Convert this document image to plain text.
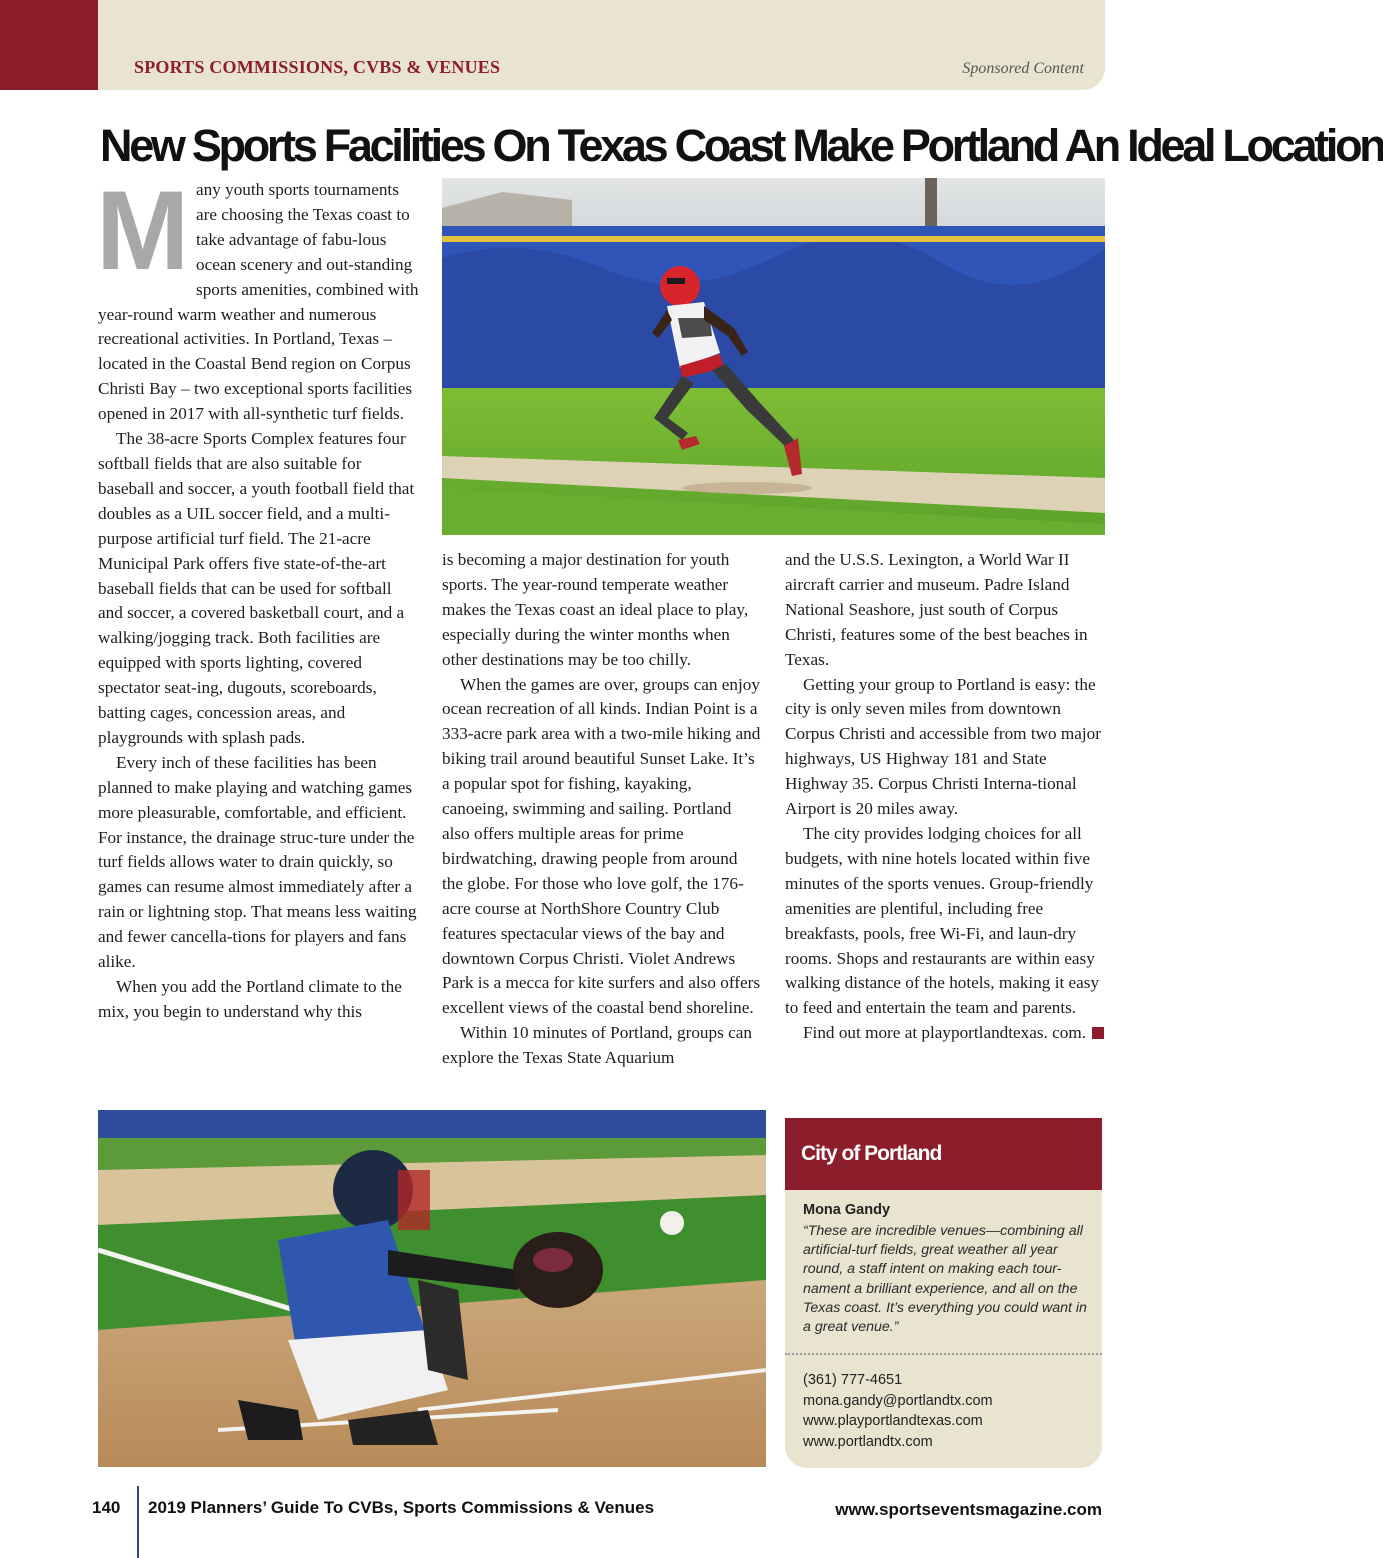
SPORTS COMMISSIONS, CVBS & VENUES	Sponsored Content
New Sports Facilities On Texas Coast Make Portland An Ideal Location

Many youth sports tournaments are choosing the Texas coast to take advantage of fabu-lous ocean scenery and out-standing sports amenities, combined with year-round warm weather and numerous recreational activities. In Portland, Texas – located in the Coastal Bend region on Corpus Christi Bay – two exceptional sports facilities opened in 2017 with all-synthetic turf fields.

The 38-acre Sports Complex features four softball fields that are also suitable for baseball and soccer, a youth football field that doubles as a UIL soccer field, and a multi-purpose artificial turf field. The 21-acre Municipal Park offers five state-of-the-art baseball fields that can be used for softball and soccer, a covered basketball court, and a walking/jogging track. Both facilities are equipped with sports lighting, covered spectator seat-ing, dugouts, scoreboards, batting cages, concession areas, and playgrounds with splash pads.

Every inch of these facilities has been planned to make playing and watching games more pleasurable, comfortable, and efficient. For instance, the drainage struc-ture under the turf fields allows water to drain quickly, so games can resume almost immediately after a rain or lightning stop. That means less waiting and fewer cancella-tions for players and fans alike.

When you add the Portland climate to the mix, you begin to understand why this

is becoming a major destination for youth sports. The year-round temperate weather makes the Texas coast an ideal place to play, especially during the winter months when other destinations may be too chilly.

When the games are over, groups can enjoy ocean recreation of all kinds. Indian Point is a 333-acre park area with a two-mile hiking and biking trail around beautiful Sunset Lake. It’s a popular spot for fishing, kayaking, canoeing, swimming and sailing. Portland also offers multiple areas for prime birdwatching, drawing people from around the globe. For those who love golf, the 176-acre course at NorthShore Country Club features spectacular views of the bay and downtown Corpus Christi. Violet Andrews Park is a mecca for kite surfers and also offers excellent views of the coastal bend shoreline.

Within 10 minutes of Portland, groups can explore the Texas State Aquarium

and the U.S.S. Lexington, a World War II aircraft carrier and museum. Padre Island National Seashore, just south of Corpus Christi, features some of the best beaches in Texas.

Getting your group to Portland is easy: the city is only seven miles from downtown Corpus Christi and accessible from two major highways, US Highway 181 and State Highway 35. Corpus Christi Interna-tional Airport is 20 miles away.

The city provides lodging choices for all budgets, with nine hotels located within five minutes of the sports venues. Group-friendly amenities are plentiful, including free breakfasts, pools, free Wi-Fi, and laun-dry rooms. Shops and restaurants are within easy walking distance of the hotels, making it easy to feed and entertain the team and parents.

Find out more at playportlandtexas. com.

City of Portland
Mona Gandy
“These are incredible venues—combining all artificial-turf fields, great weather all year round, a staff intent on making each tour-nament a brilliant experience, and all on the Texas coast. It’s everything you could want in a great venue.”
(361) 777-4651
mona.gandy@portlandtx.com
www.playportlandtexas.com
www.portlandtx.com
140 2019 Planners’ Guide To CVBs, Sports Commissions & Venues	www.sportseventsmagazine.com
